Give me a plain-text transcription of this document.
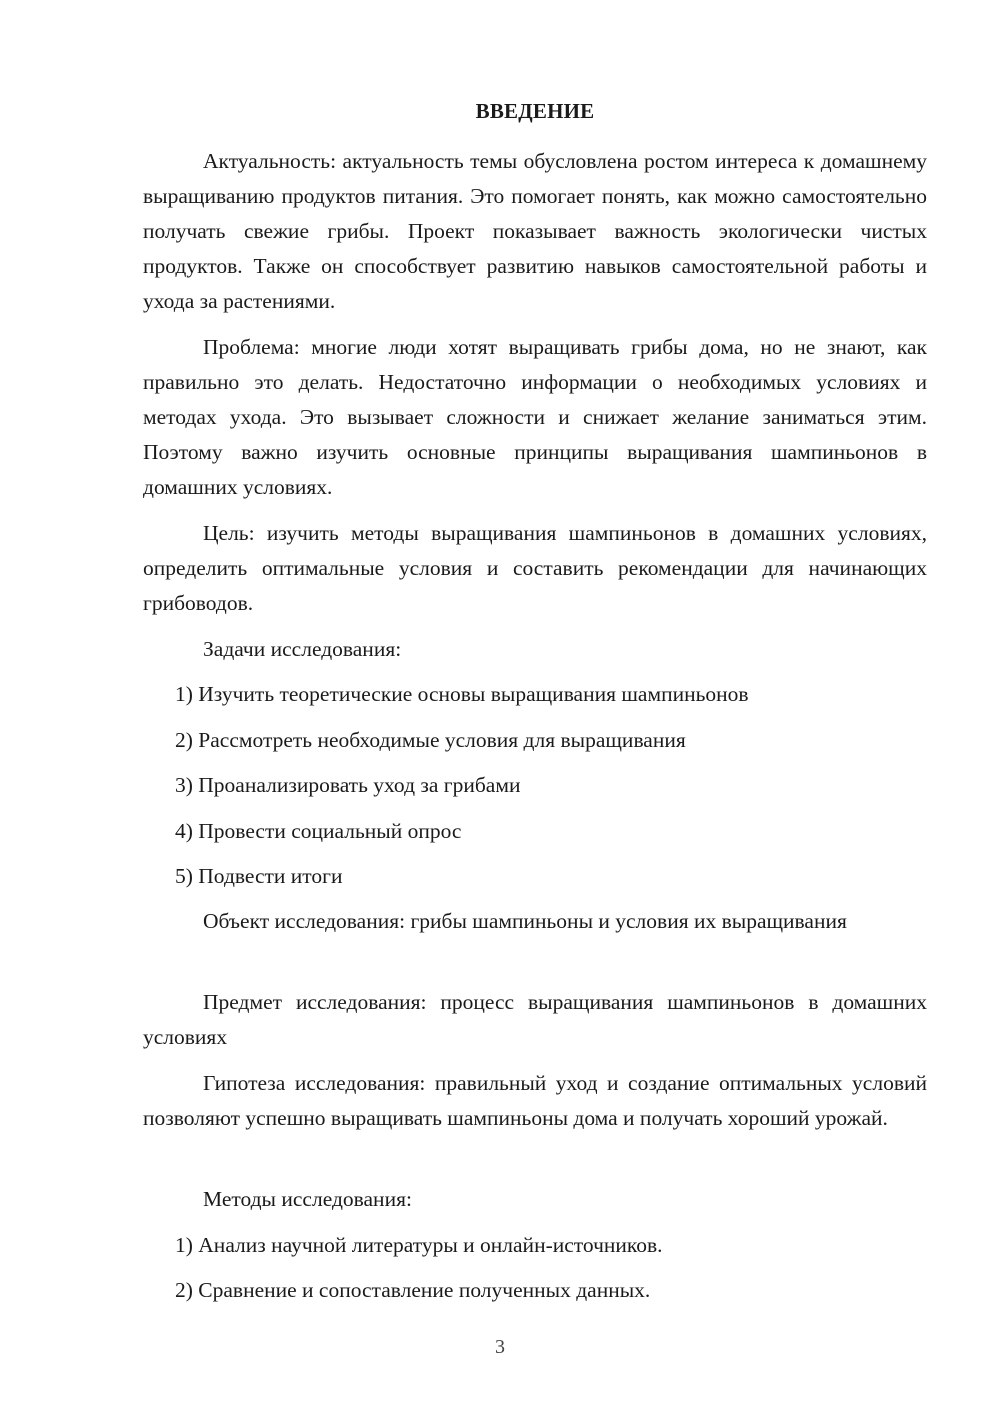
ВВЕДЕНИЕ

Актуальность: актуальность темы обусловлена ростом интереса к домашнему выращиванию продуктов питания. Это помогает понять, как можно самостоятельно получать свежие грибы. Проект показывает важность экологически чистых продуктов. Также он способствует развитию навыков самостоятельной работы и ухода за растениями.

Проблема: многие люди хотят выращивать грибы дома, но не знают, как правильно это делать. Недостаточно информации о необходимых условиях и методах ухода. Это вызывает сложности и снижает желание заниматься этим. Поэтому важно изучить основные принципы выращивания шампиньонов в домашних условиях.

Цель: изучить методы выращивания шампиньонов в домашних условиях, определить оптимальные условия и составить рекомендации для начинающих грибоводов.

Задачи исследования:

1) Изучить теоретические основы выращивания шампиньонов

2) Рассмотреть необходимые условия для выращивания

3) Проанализировать уход за грибами

4) Провести социальный опрос

5) Подвести итоги

Объект исследования: грибы шампиньоны и условия их выращивания

Предмет исследования: процесс выращивания шампиньонов в домашних условиях

Гипотеза исследования: правильный уход и создание оптимальных условий позволяют успешно выращивать шампиньоны дома и получать хороший урожай.

Методы исследования:

1) Анализ научной литературы и онлайн-источников.

2) Сравнение и сопоставление полученных данных.

3
